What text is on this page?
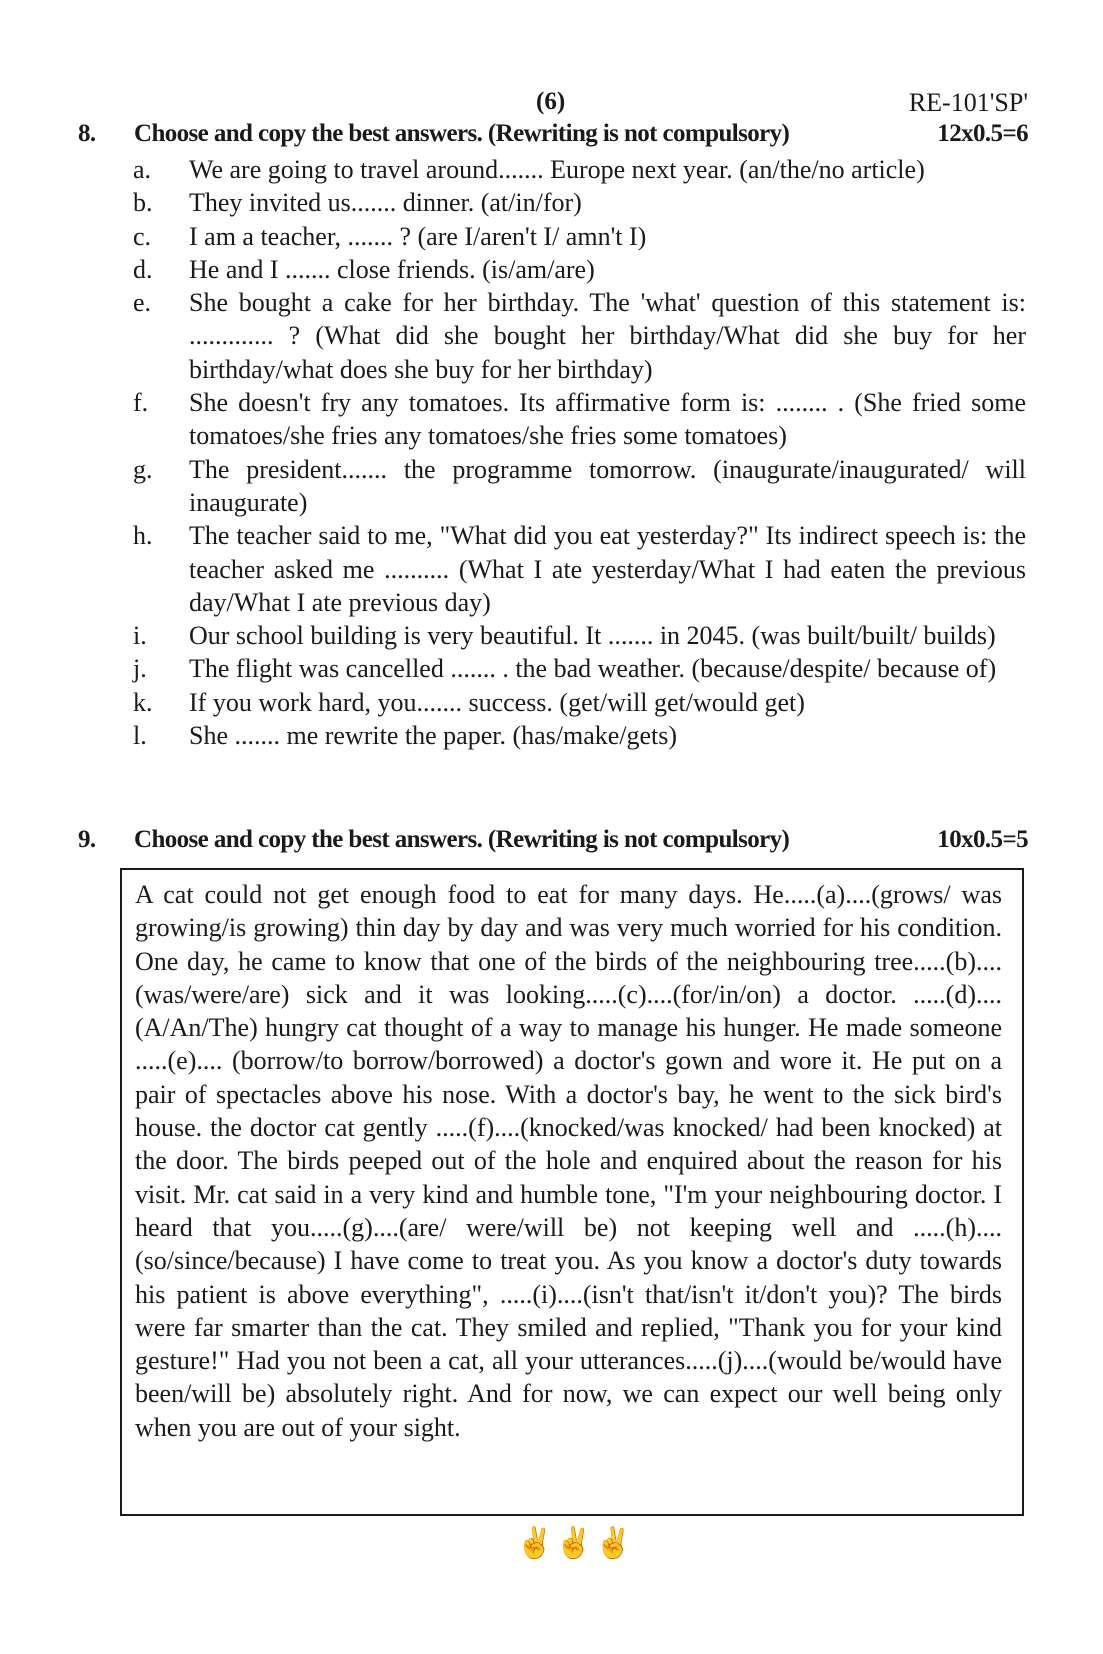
(6)	RE-101'SP'
8. Choose and copy the best answers. (Rewriting is not compulsory)	12x0.5=6
a.	We are going to travel around....... Europe next year. (an/the/no article)
b.	They invited us....... dinner. (at/in/for)
c.	I am a teacher, ....... ? (are I/aren't I/ amn't I)
d.	He and I ....... close friends. (is/am/are)
e.	She bought a cake for her birthday. The 'what' question of this statement is: ............. ? (What did she bought her birthday/What did she buy for her birthday/what does she buy for her birthday)
f.	She doesn't fry any tomatoes. Its affirmative form is: ........ . (She fried some tomatoes/she fries any tomatoes/she fries some tomatoes)
g.	The president....... the programme tomorrow. (inaugurate/inaugurated/ will inaugurate)
h.	The teacher said to me, "What did you eat yesterday?" Its indirect speech is: the teacher asked me .......... (What I ate yesterday/What I had eaten the previous day/What I ate previous day)
i.	Our school building is very beautiful. It ....... in 2045. (was built/built/ builds)
j.	The flight was cancelled ....... . the bad weather. (because/despite/ because of)
k.	If you work hard, you....... success. (get/will get/would get)
l.	She ....... me rewrite the paper. (has/make/gets)
9. Choose and copy the best answers. (Rewriting is not compulsory)	10x0.5=5
A cat could not get enough food to eat for many days. He.....(a)....(grows/ was growing/is growing) thin day by day and was very much worried for his condition. One day, he came to know that one of the birds of the neighbouring tree.....(b)....(was/were/are) sick and it was looking.....(c)....(for/in/on) a doctor. .....(d)....(A/An/The) hungry cat thought of a way to manage his hunger. He made someone .....(e).... (borrow/to borrow/borrowed) a doctor's gown and wore it. He put on a pair of spectacles above his nose. With a doctor's bay, he went to the sick bird's house. the doctor cat gently .....(f)....(knocked/was knocked/ had been knocked) at the door. The birds peeped out of the hole and enquired about the reason for his visit. Mr. cat said in a very kind and humble tone, "I'm your neighbouring doctor. I heard that you.....(g)....(are/ were/will be) not keeping well and .....(h)....(so/since/because) I have come to treat you. As you know a doctor's duty towards his patient is above everything", .....(i)....(isn't that/isn't it/don't you)? The birds were far smarter than the cat. They smiled and replied, "Thank you for your kind gesture!" Had you not been a cat, all your utterances.....(j)....(would be/would have been/will be) absolutely right. And for now, we can expect our well being only when you are out of your sight.
✌✌✌
